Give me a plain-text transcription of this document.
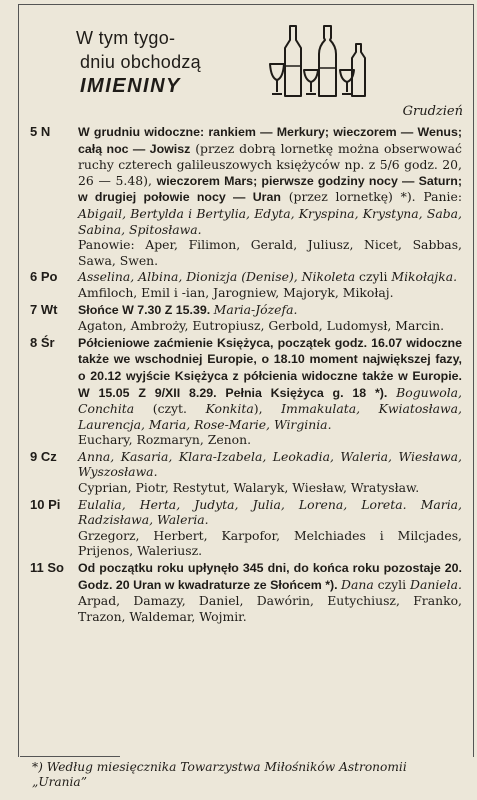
W tym tygo-
dniu obchodzą
IMIENINY
Grudzień
5 N	W grudniu widoczne: rankiem — Merkury; wieczorem — Wenus; całą noc — Jowisz (przez dobrą lornetkę można obserwować ruchy czterech galileuszowych księżyców np. z 5/6 godz. 20, 26 — 5.48), wieczorem Mars; pierwsze godziny nocy — Saturn; w drugiej połowie nocy — Uran (przez lornetkę) *). Panie: Abigail, Bertylda i Bertylia, Edyta, Kryspina, Krystyna, Saba, Sabina, Spitosława.

Panowie: Aper, Filimon, Gerald, Juliusz, Nicet, Sabbas, Sawa, Swen.

6 Po	Asselina, Albina, Dionizja (Denise), Nikoleta czyli Mikołajka.

Amfiloch, Emil i -ian, Jarogniew, Majoryk, Mikołaj.

7 Wt	Słońce W 7.30 Z 15.39. Maria-Józefa.

Agaton, Ambroży, Eutropiusz, Gerbold, Ludomysł, Marcin.

8 Śr	Półcieniowe zaćmienie Księżyca, początek godz. 16.07 widoczne także we wschodniej Europie, o 18.10 moment największej fazy, o 20.12 wyjście Księżyca z półcienia widoczne także w Europie. W 15.05 Z 9/XII 8.29. Pełnia Księżyca g. 18 *). Boguwola, Conchita (czyt. Konkita), Immakulata, Kwiatosława, Laurencja, Maria, Rose-Marie, Wirginia.

Euchary, Rozmaryn, Zenon.

9 Cz	Anna, Kasaria, Klara-Izabela, Leokadia, Waleria, Wiesława, Wyszosława.

Cyprian, Piotr, Restytut, Walaryk, Wiesław, Wratysław.

10 Pi	Eulalia, Herta, Judyta, Julia, Lorena, Loreta. Maria, Radzisława, Waleria.

Grzegorz, Herbert, Karpofor, Melchiades i Milcjades, Prijenos, Waleriusz.

11 So	Od początku roku upłynęło 345 dni, do końca roku pozostaje 20. Godz. 20 Uran w kwadraturze ze Słońcem *). Dana czyli Daniela.

Arpad, Damazy, Daniel, Dawórin, Eutychiusz, Franko, Trazon, Waldemar, Wojmir.

*) Według miesięcznika Towarzystwa Miłośników Astronomii „Urania”
